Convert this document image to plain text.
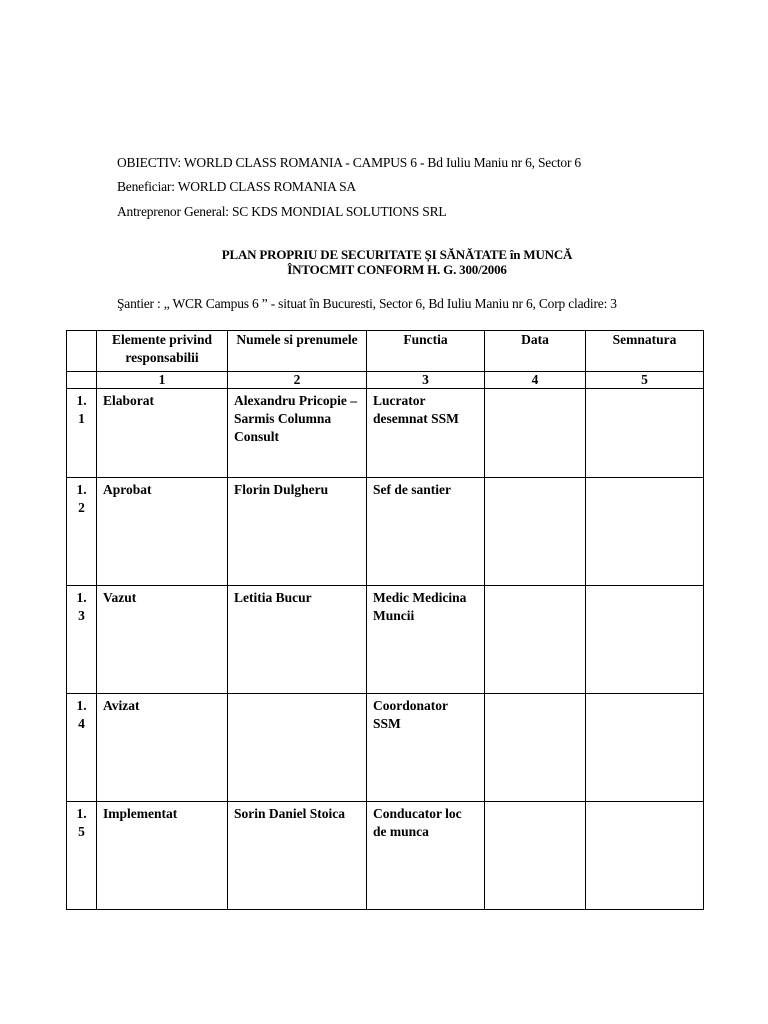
OBIECTIV: WORLD CLASS ROMANIA - CAMPUS 6 - Bd Iuliu Maniu nr 6, Sector 6
Beneficiar: WORLD CLASS ROMANIA SA
Antreprenor General: SC KDS MONDIAL SOLUTIONS SRL
PLAN PROPRIU DE SECURITATE ȘI SĂNĂTATE în MUNCĂ
ÎNTOCMIT CONFORM H. G. 300/2006
Şantier : „ WCR Campus 6 ” - situat în Bucuresti, Sector 6, Bd Iuliu Maniu nr 6, Corp cladire: 3
	Elemente privind responsabilii	Numele si prenumele	Functia	Data	Semnatura
	1	2	3	4	5
1. 1	Elaborat	Alexandru Pricopie – Sarmis Columna Consult	Lucrator desemnat SSM		
1. 2	Aprobat	Florin Dulgheru	Sef de santier		
1. 3	Vazut	Letitia Bucur	Medic Medicina Muncii		
1. 4	Avizat		Coordonator SSM		
1. 5	Implementat	Sorin Daniel Stoica	Conducator loc de munca		
